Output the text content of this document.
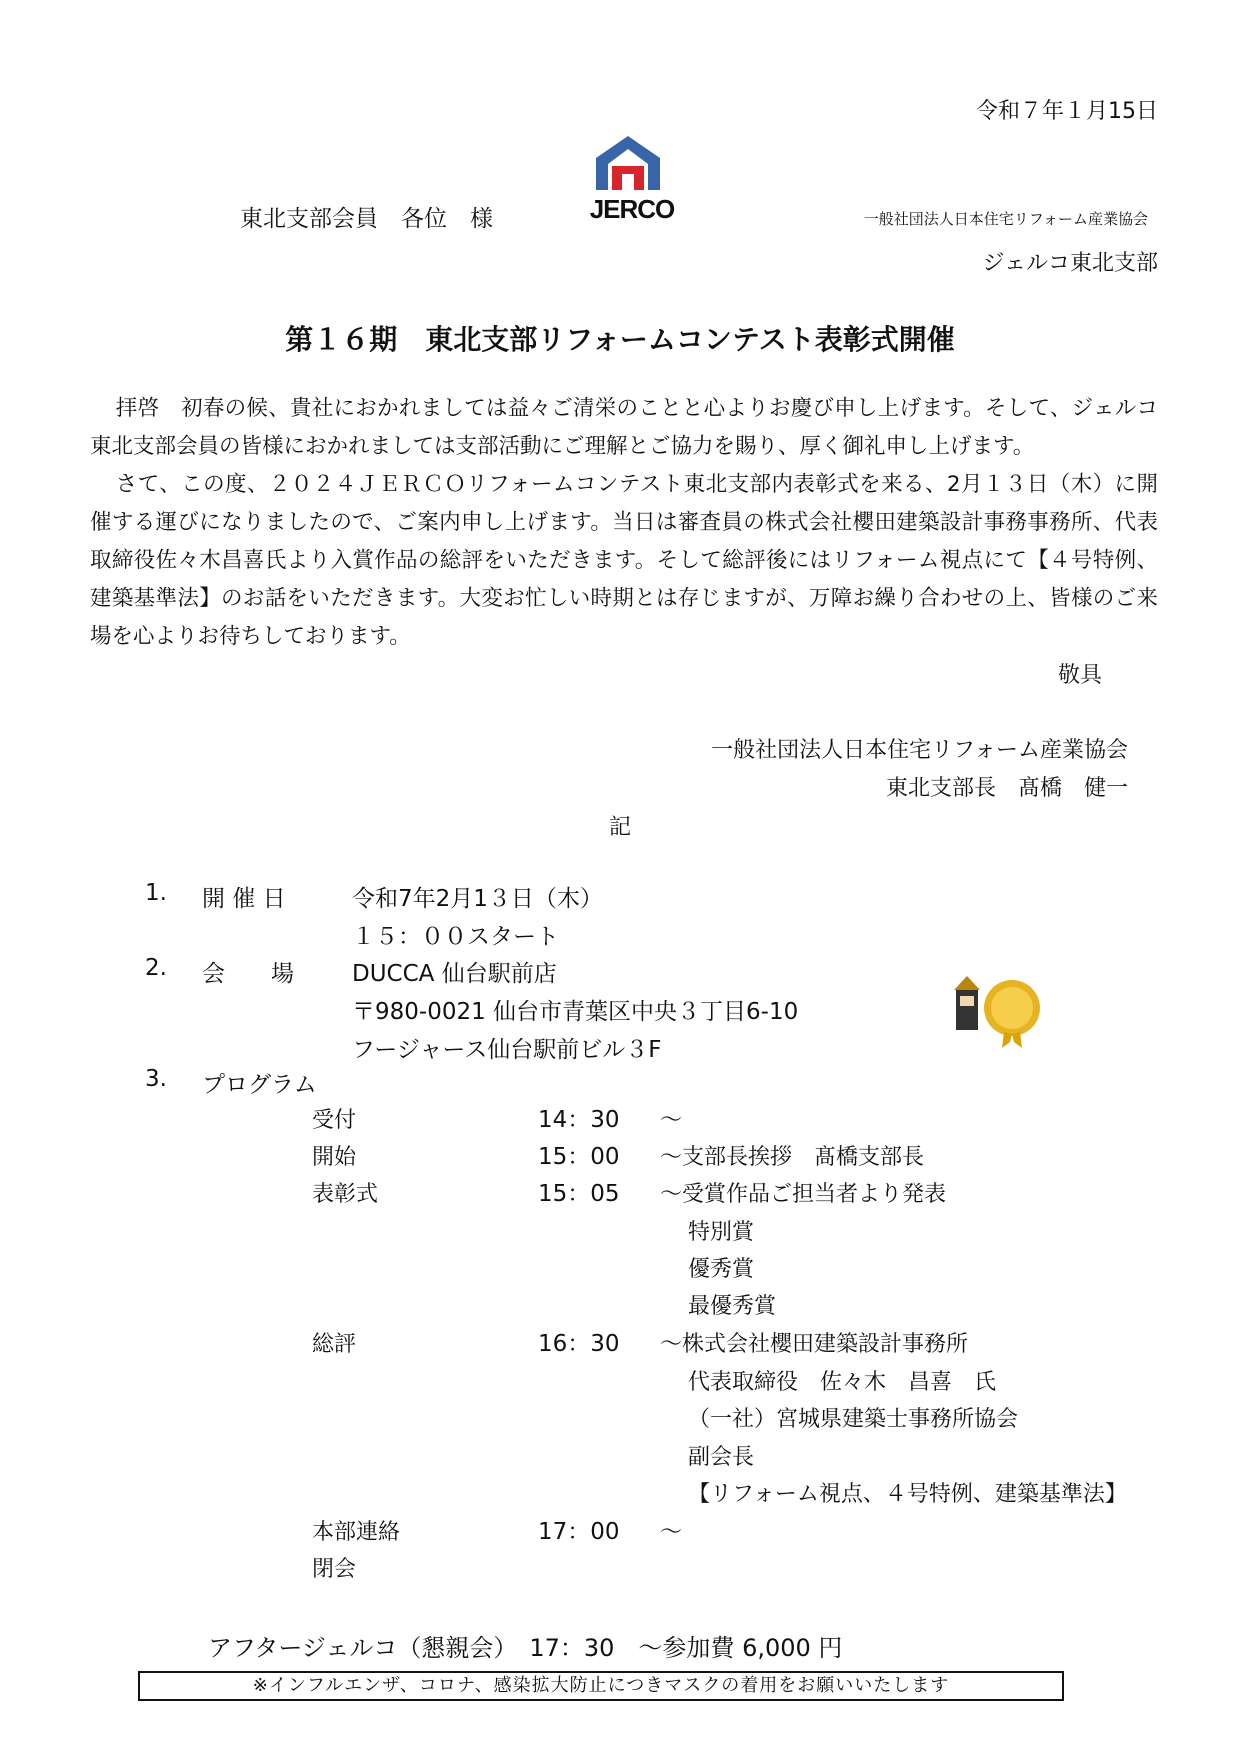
令和７年１月15日
東北支部会員　各位　様	JERCO	一般社団法人日本住宅リフォーム産業協会
ジェルコ東北支部
第１６期　東北支部リフォームコンテスト表彰式開催

拝啓　初春の候、貴社におかれましては益々ご清栄のことと心よりお慶び申し上げます。そして、ジェルコ東北支部会員の皆様におかれましては支部活動にご理解とご協力を賜り、厚く御礼申し上げます。

さて、この度、２０２４ＪＥＲＣＯリフォームコンテスト東北支部内表彰式を来る、2月１３日（木）に開催する運びになりましたので、ご案内申し上げます。当日は審査員の株式会社櫻田建築設計事務事務所、代表取締役佐々木昌喜氏より入賞作品の総評をいただきます。そして総評後にはリフォーム視点にて【４号特例、建築基準法】のお話をいただきます。大変お忙しい時期とは存じますが、万障お繰り合わせの上、皆様のご来場を心よりお待ちしております。

敬具
一般社団法人日本住宅リフォーム産業協会
東北支部長　髙橋　健一
記
1. 開 催 日	令和7年2月1３日（木）
１５：００スタート
2. 会　　場	DUCCA 仙台駅前店
〒980-0021 仙台市青葉区中央３丁目6-10
フージャース仙台駅前ビル３F
3. プログラム
受付	14：30 ～
開始	15：00 ～支部長挨拶　髙橋支部長
表彰式	15：05 ～受賞作品ご担当者より発表
特別賞
優秀賞
最優秀賞
総評	16：30 ～株式会社櫻田建築設計事務所
代表取締役　佐々木　昌喜　氏
（一社）宮城県建築士事務所協会
副会長
【リフォーム視点、４号特例、建築基準法】
本部連絡	17：00 ～
閉会
アフタージェルコ（懇親会）　17：30　～参加費 6,000 円
※インフルエンザ、コロナ、感染拡大防止につきマスクの着用をお願いいたします
